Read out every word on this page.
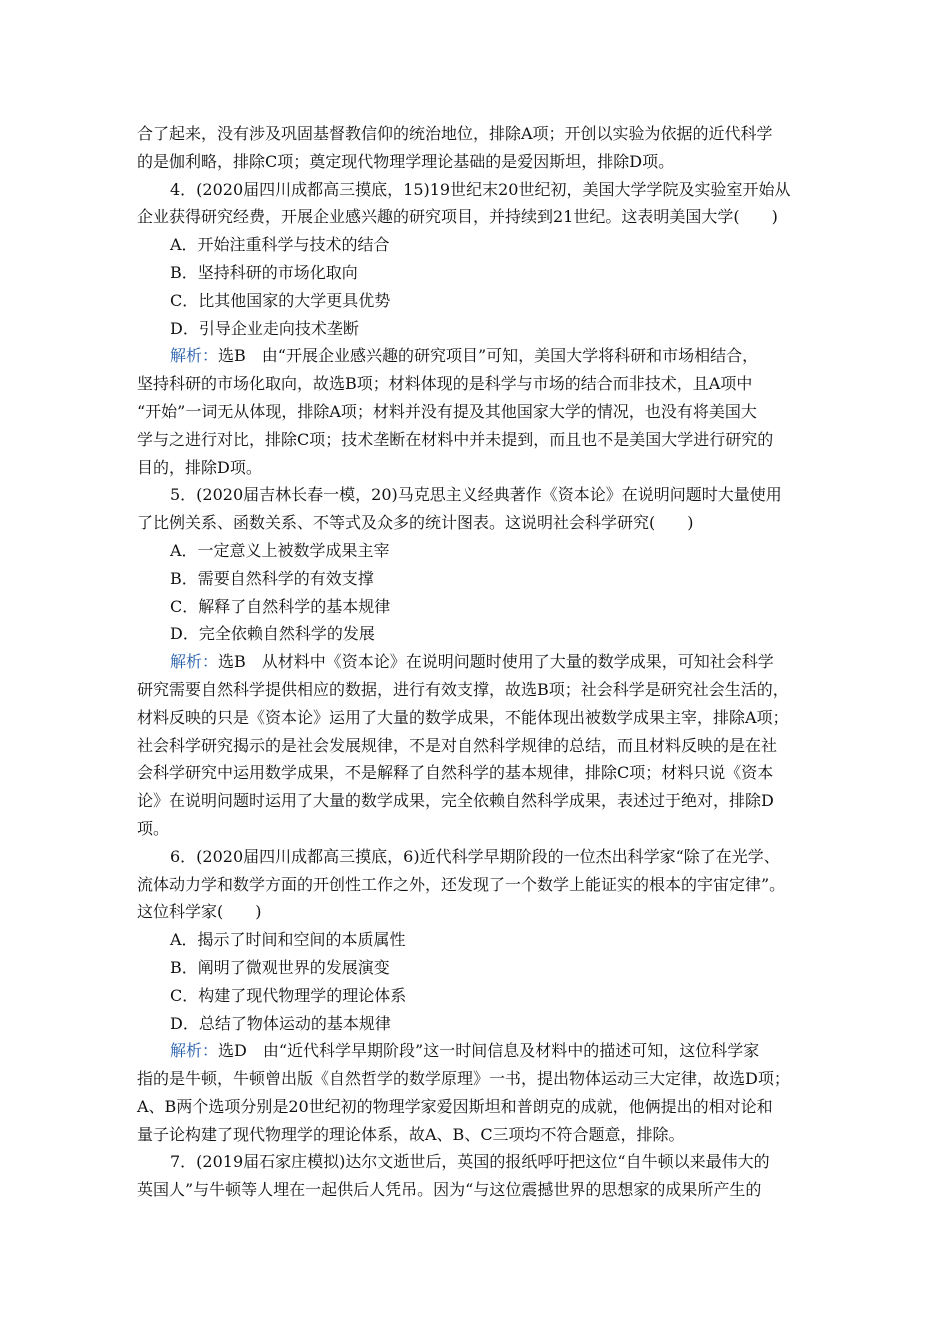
合了起来，没有涉及巩固基督教信仰的统治地位，排除A项；开创以实验为依据的近代科学
的是伽利略，排除C项；奠定现代物理学理论基础的是爱因斯坦，排除D项。
4．(2020届四川成都高三摸底，15)19世纪末20世纪初，美国大学学院及实验室开始从
企业获得研究经费，开展企业感兴趣的研究项目，并持续到21世纪。这表明美国大学(　　)
A．开始注重科学与技术的结合
B．坚持科研的市场化取向
C．比其他国家的大学更具优势
D．引导企业走向技术垄断
解析：选B　由“开展企业感兴趣的研究项目”可知，美国大学将科研和市场相结合，
坚持科研的市场化取向，故选B项；材料体现的是科学与市场的结合而非技术，且A项中
“开始”一词无从体现，排除A项；材料并没有提及其他国家大学的情况，也没有将美国大
学与之进行对比，排除C项；技术垄断在材料中并未提到，而且也不是美国大学进行研究的
目的，排除D项。
5．(2020届吉林长春一模，20)马克思主义经典著作《资本论》在说明问题时大量使用
了比例关系、函数关系、不等式及众多的统计图表。这说明社会科学研究(　　)
A．一定意义上被数学成果主宰
B．需要自然科学的有效支撑
C．解释了自然科学的基本规律
D．完全依赖自然科学的发展
解析：选B　从材料中《资本论》在说明问题时使用了大量的数学成果，可知社会科学
研究需要自然科学提供相应的数据，进行有效支撑，故选B项；社会科学是研究社会生活的，
材料反映的只是《资本论》运用了大量的数学成果，不能体现出被数学成果主宰，排除A项；
社会科学研究揭示的是社会发展规律，不是对自然科学规律的总结，而且材料反映的是在社
会科学研究中运用数学成果，不是解释了自然科学的基本规律，排除C项；材料只说《资本
论》在说明问题时运用了大量的数学成果，完全依赖自然科学成果，表述过于绝对，排除D
项。
6．(2020届四川成都高三摸底，6)近代科学早期阶段的一位杰出科学家“除了在光学、
流体动力学和数学方面的开创性工作之外，还发现了一个数学上能证实的根本的宇宙定律”。
这位科学家(　　)
A．揭示了时间和空间的本质属性
B．阐明了微观世界的发展演变
C．构建了现代物理学的理论体系
D．总结了物体运动的基本规律
解析：选D　由“近代科学早期阶段”这一时间信息及材料中的描述可知，这位科学家
指的是牛顿，牛顿曾出版《自然哲学的数学原理》一书，提出物体运动三大定律，故选D项；
A、B两个选项分别是20世纪初的物理学家爱因斯坦和普朗克的成就，他俩提出的相对论和
量子论构建了现代物理学的理论体系，故A、B、C三项均不符合题意，排除。
7．(2019届石家庄模拟)达尔文逝世后，英国的报纸呼吁把这位“自牛顿以来最伟大的
英国人”与牛顿等人埋在一起供后人凭吊。因为“与这位震撼世界的思想家的成果所产生的
